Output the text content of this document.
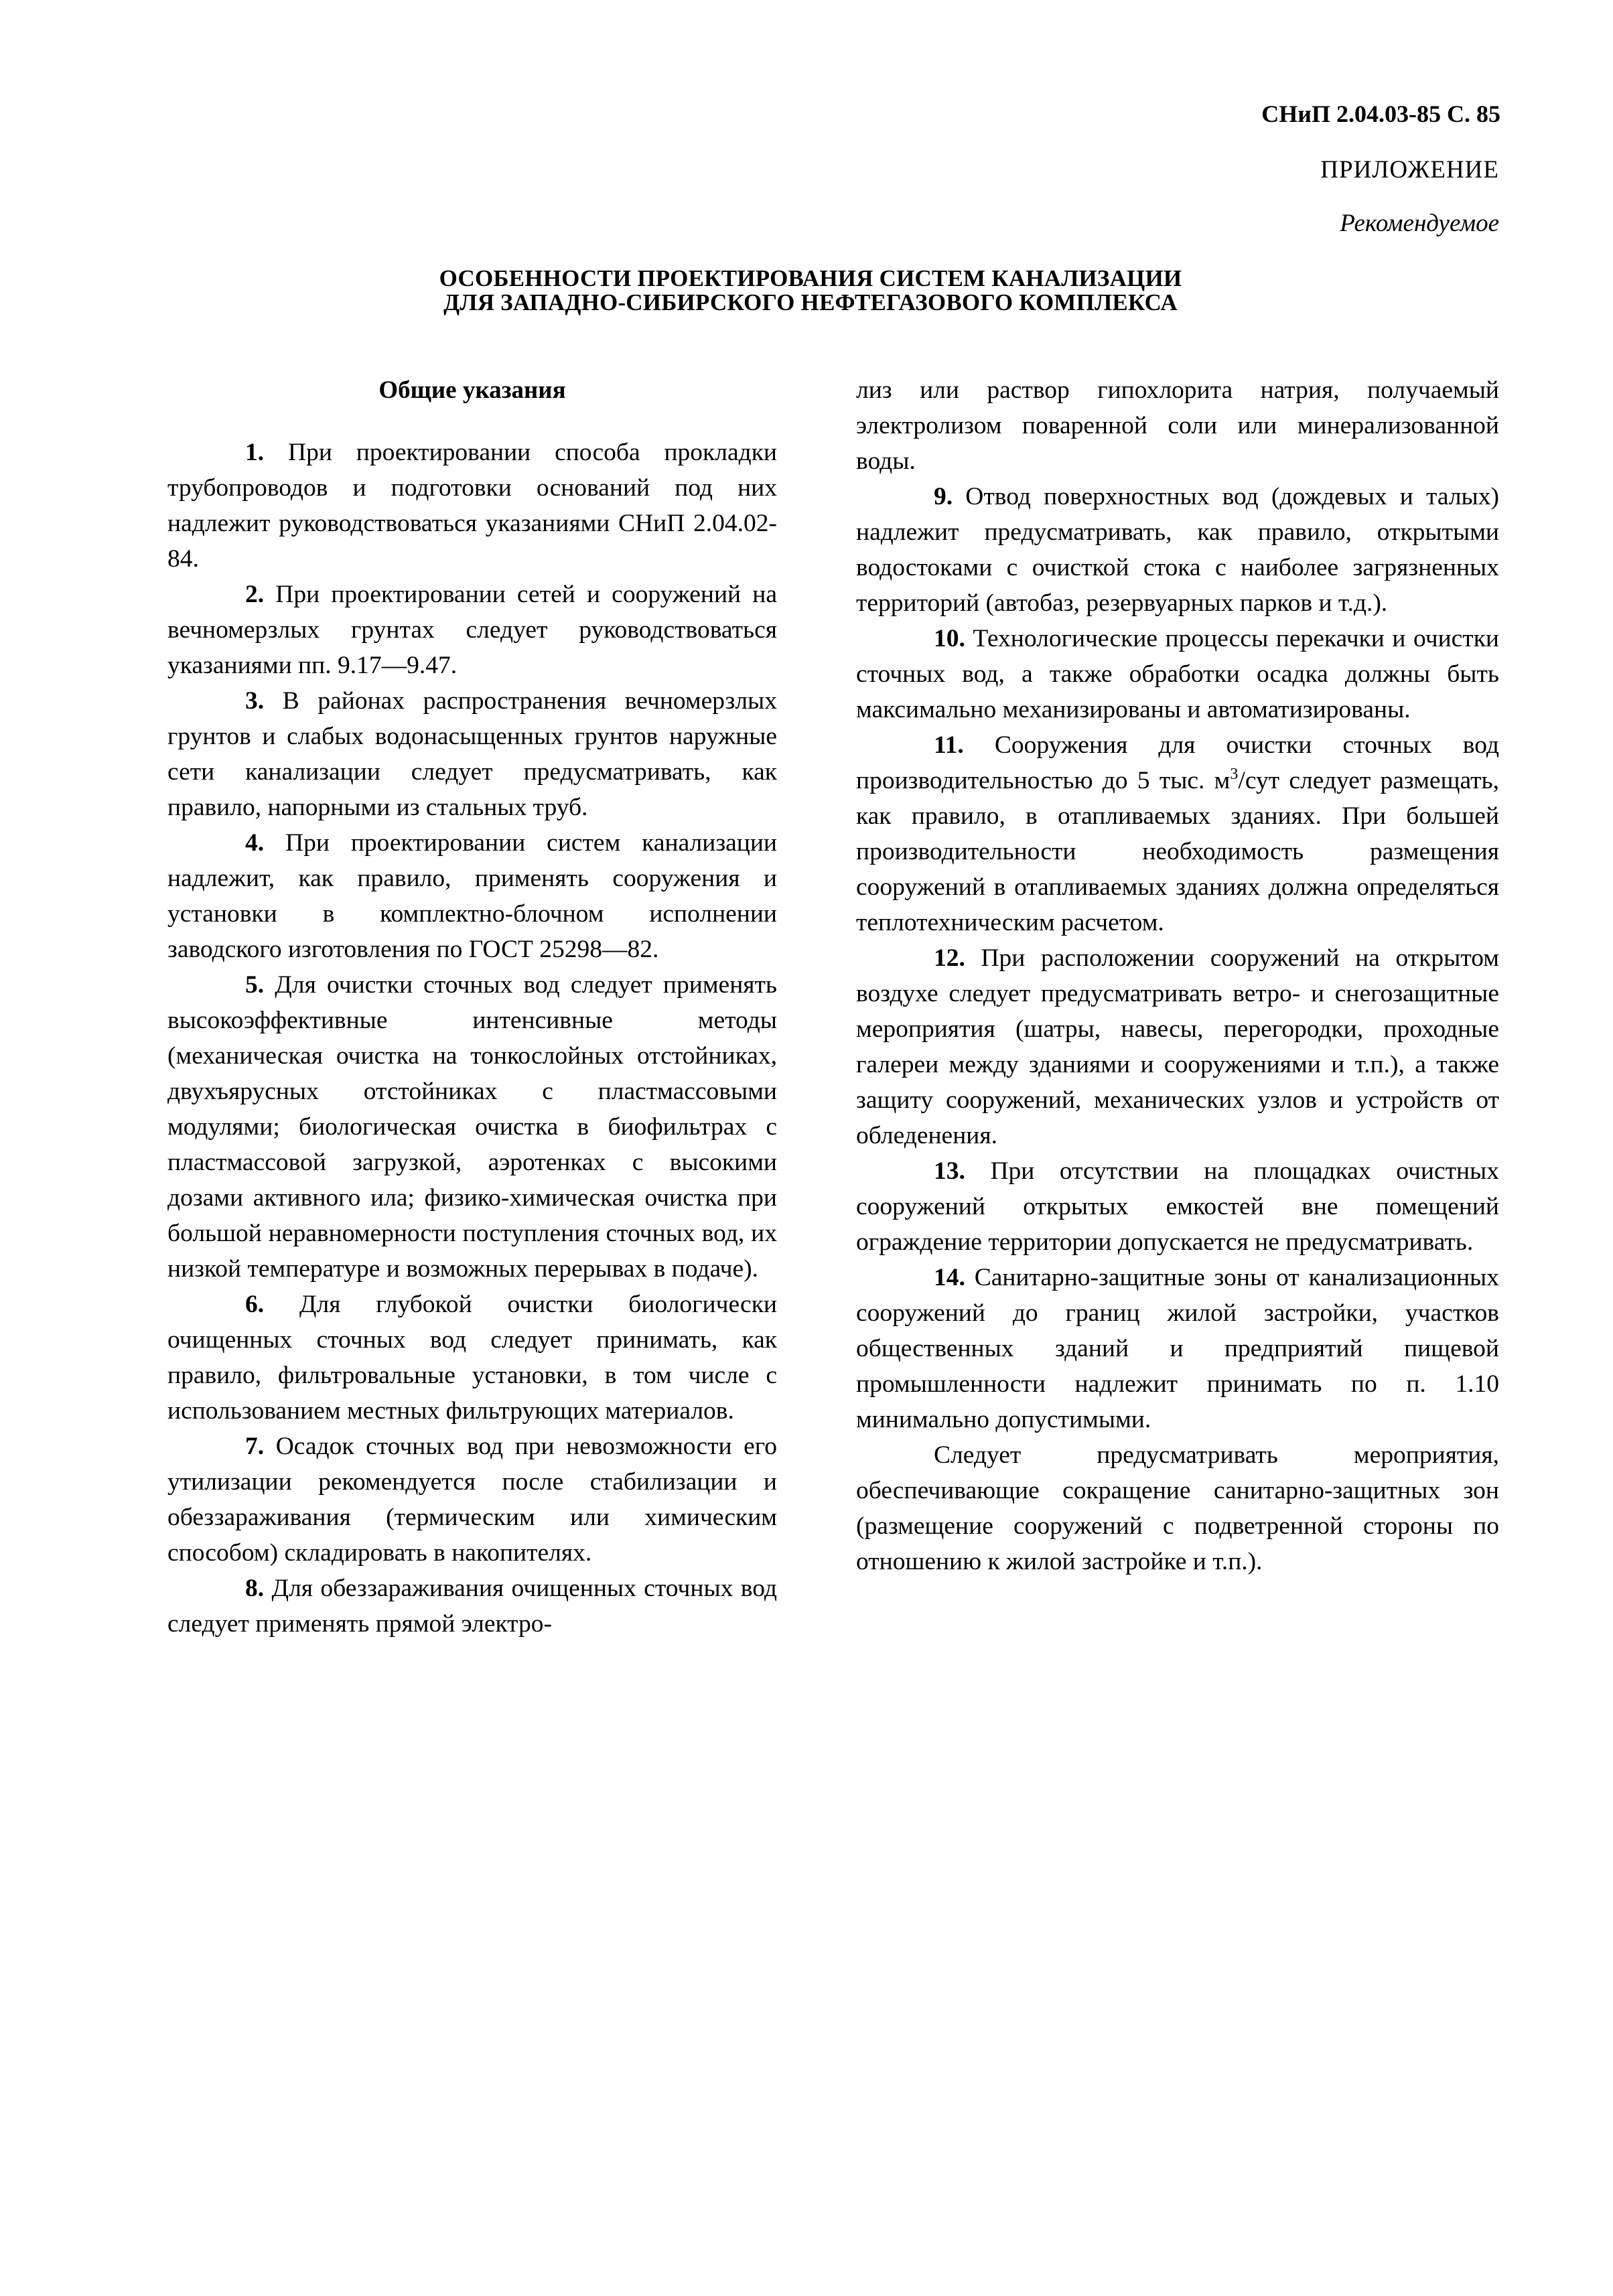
СНиП 2.04.03-85 С. 85
ПРИЛОЖЕНИЕ
Рекомендуемое
ОСОБЕННОСТИ ПРОЕКТИРОВАНИЯ СИСТЕМ КАНАЛИЗАЦИИ
ДЛЯ ЗАПАДНО-СИБИРСКОГО НЕФТЕГАЗОВОГО КОМПЛЕКСА
Общие указания

1. При проектировании способа прокладки трубопроводов и подготовки оснований под них надлежит руководствоваться указаниями СНиП 2.04.02-84.

2. При проектировании сетей и сооружений на вечномерзлых грунтах следует руководствоваться указаниями пп. 9.17—9.47.

3. В районах распространения вечномерзлых грунтов и слабых водонасыщенных грунтов наружные сети канализации следует предусматривать, как правило, напорными из стальных труб.

4. При проектировании систем канализации надлежит, как правило, применять сооружения и установки в комплектно-блочном исполнении заводского изготовления по ГОСТ 25298—82.

5. Для очистки сточных вод следует применять высокоэффективные интенсивные методы (механическая очистка на тонкослойных отстойниках, двухъярусных отстойниках с пластмассовыми модулями; биологическая очистка в биофильтрах с пластмассовой загрузкой, аэротенках с высокими дозами активного ила; физико-химическая очистка при большой неравномерности поступления сточных вод, их низкой температуре и возможных перерывах в подаче).

6. Для глубокой очистки биологически очищенных сточных вод следует принимать, как правило, фильтровальные установки, в том числе с использованием местных фильтрующих материалов.

7. Осадок сточных вод при невозможности его утилизации рекомендуется после стабилизации и обеззараживания (термическим или химическим способом) складировать в накопителях.

8. Для обеззараживания очищенных сточных вод следует применять прямой электро-

лиз или раствор гипохлорита натрия, получаемый электролизом поваренной соли или минерализованной воды.

9. Отвод поверхностных вод (дождевых и талых) надлежит предусматривать, как правило, открытыми водостоками с очисткой стока с наиболее загрязненных территорий (автобаз, резервуарных парков и т.д.).

10. Технологические процессы перекачки и очистки сточных вод, а также обработки осадка должны быть максимально механизированы и автоматизированы.

11. Сооружения для очистки сточных вод производительностью до 5 тыс. $м^3$/сут следует размещать, как правило, в отапливаемых зданиях. При большей производительности необходимость размещения сооружений в отапливаемых зданиях должна определяться теплотехническим расчетом.

12. При расположении сооружений на открытом воздухе следует предусматривать ветро- и снегозащитные мероприятия (шатры, навесы, перегородки, проходные галереи между зданиями и сооружениями и т.п.), а также защиту сооружений, механических узлов и устройств от обледенения.

13. При отсутствии на площадках очистных сооружений открытых емкостей вне помещений ограждение территории допускается не предусматривать.

14. Санитарно-защитные зоны от канализационных сооружений до границ жилой застройки, участков общественных зданий и предприятий пищевой промышленности надлежит принимать по п. 1.10 минимально допустимыми.

Следует предусматривать мероприятия, обеспечивающие сокращение санитарно-защитных зон (размещение сооружений с подветренной стороны по отношению к жилой застройке и т.п.).
